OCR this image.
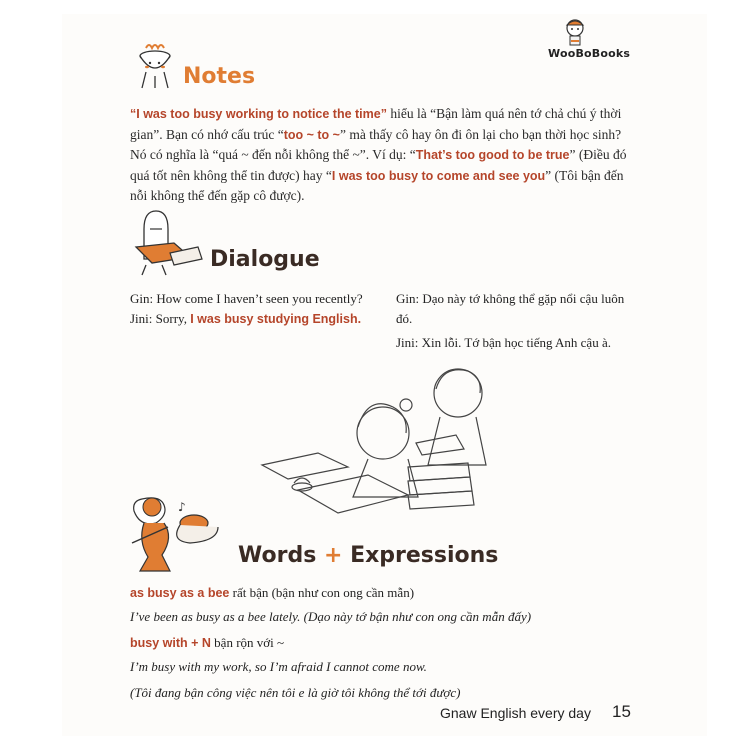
WooBoBooks
Notes
“I was too busy working to notice the time” hiểu là “Bận làm quá nên tớ chả chú ý thời gian”. Bạn có nhớ cấu trúc “too ~ to ~” mà thấy cô hay ôn đi ôn lại cho bạn thời học sinh? Nó có nghĩa là “quá ~ đến nỗi không thể ~”. Ví dụ: “That’s too good to be true” (Điều đó quá tốt nên không thể tin được) hay “I was too busy to come and see you” (Tôi bận đến nỗi không thể đến gặp cô được).
Dialogue
Gin: How come I haven’t seen you recently?
Jini: Sorry, I was busy studying English.
Gin: Dạo này tớ không thể gặp nổi cậu luôn đó.
Jini: Xin lỗi. Tớ bận học tiếng Anh cậu à.
♪
Words + Expressions
as busy as a bee rất bận (bận như con ong cần mẫn)
I’ve been as busy as a bee lately. (Dạo này tớ bận như con ong cần mẫn đấy)
busy with + N bận rộn với ~
I’m busy with my work, so I’m afraid I cannot come now.
(Tôi đang bận công việc nên tôi e là giờ tôi không thể tới được)
Gnaw English every day 15
